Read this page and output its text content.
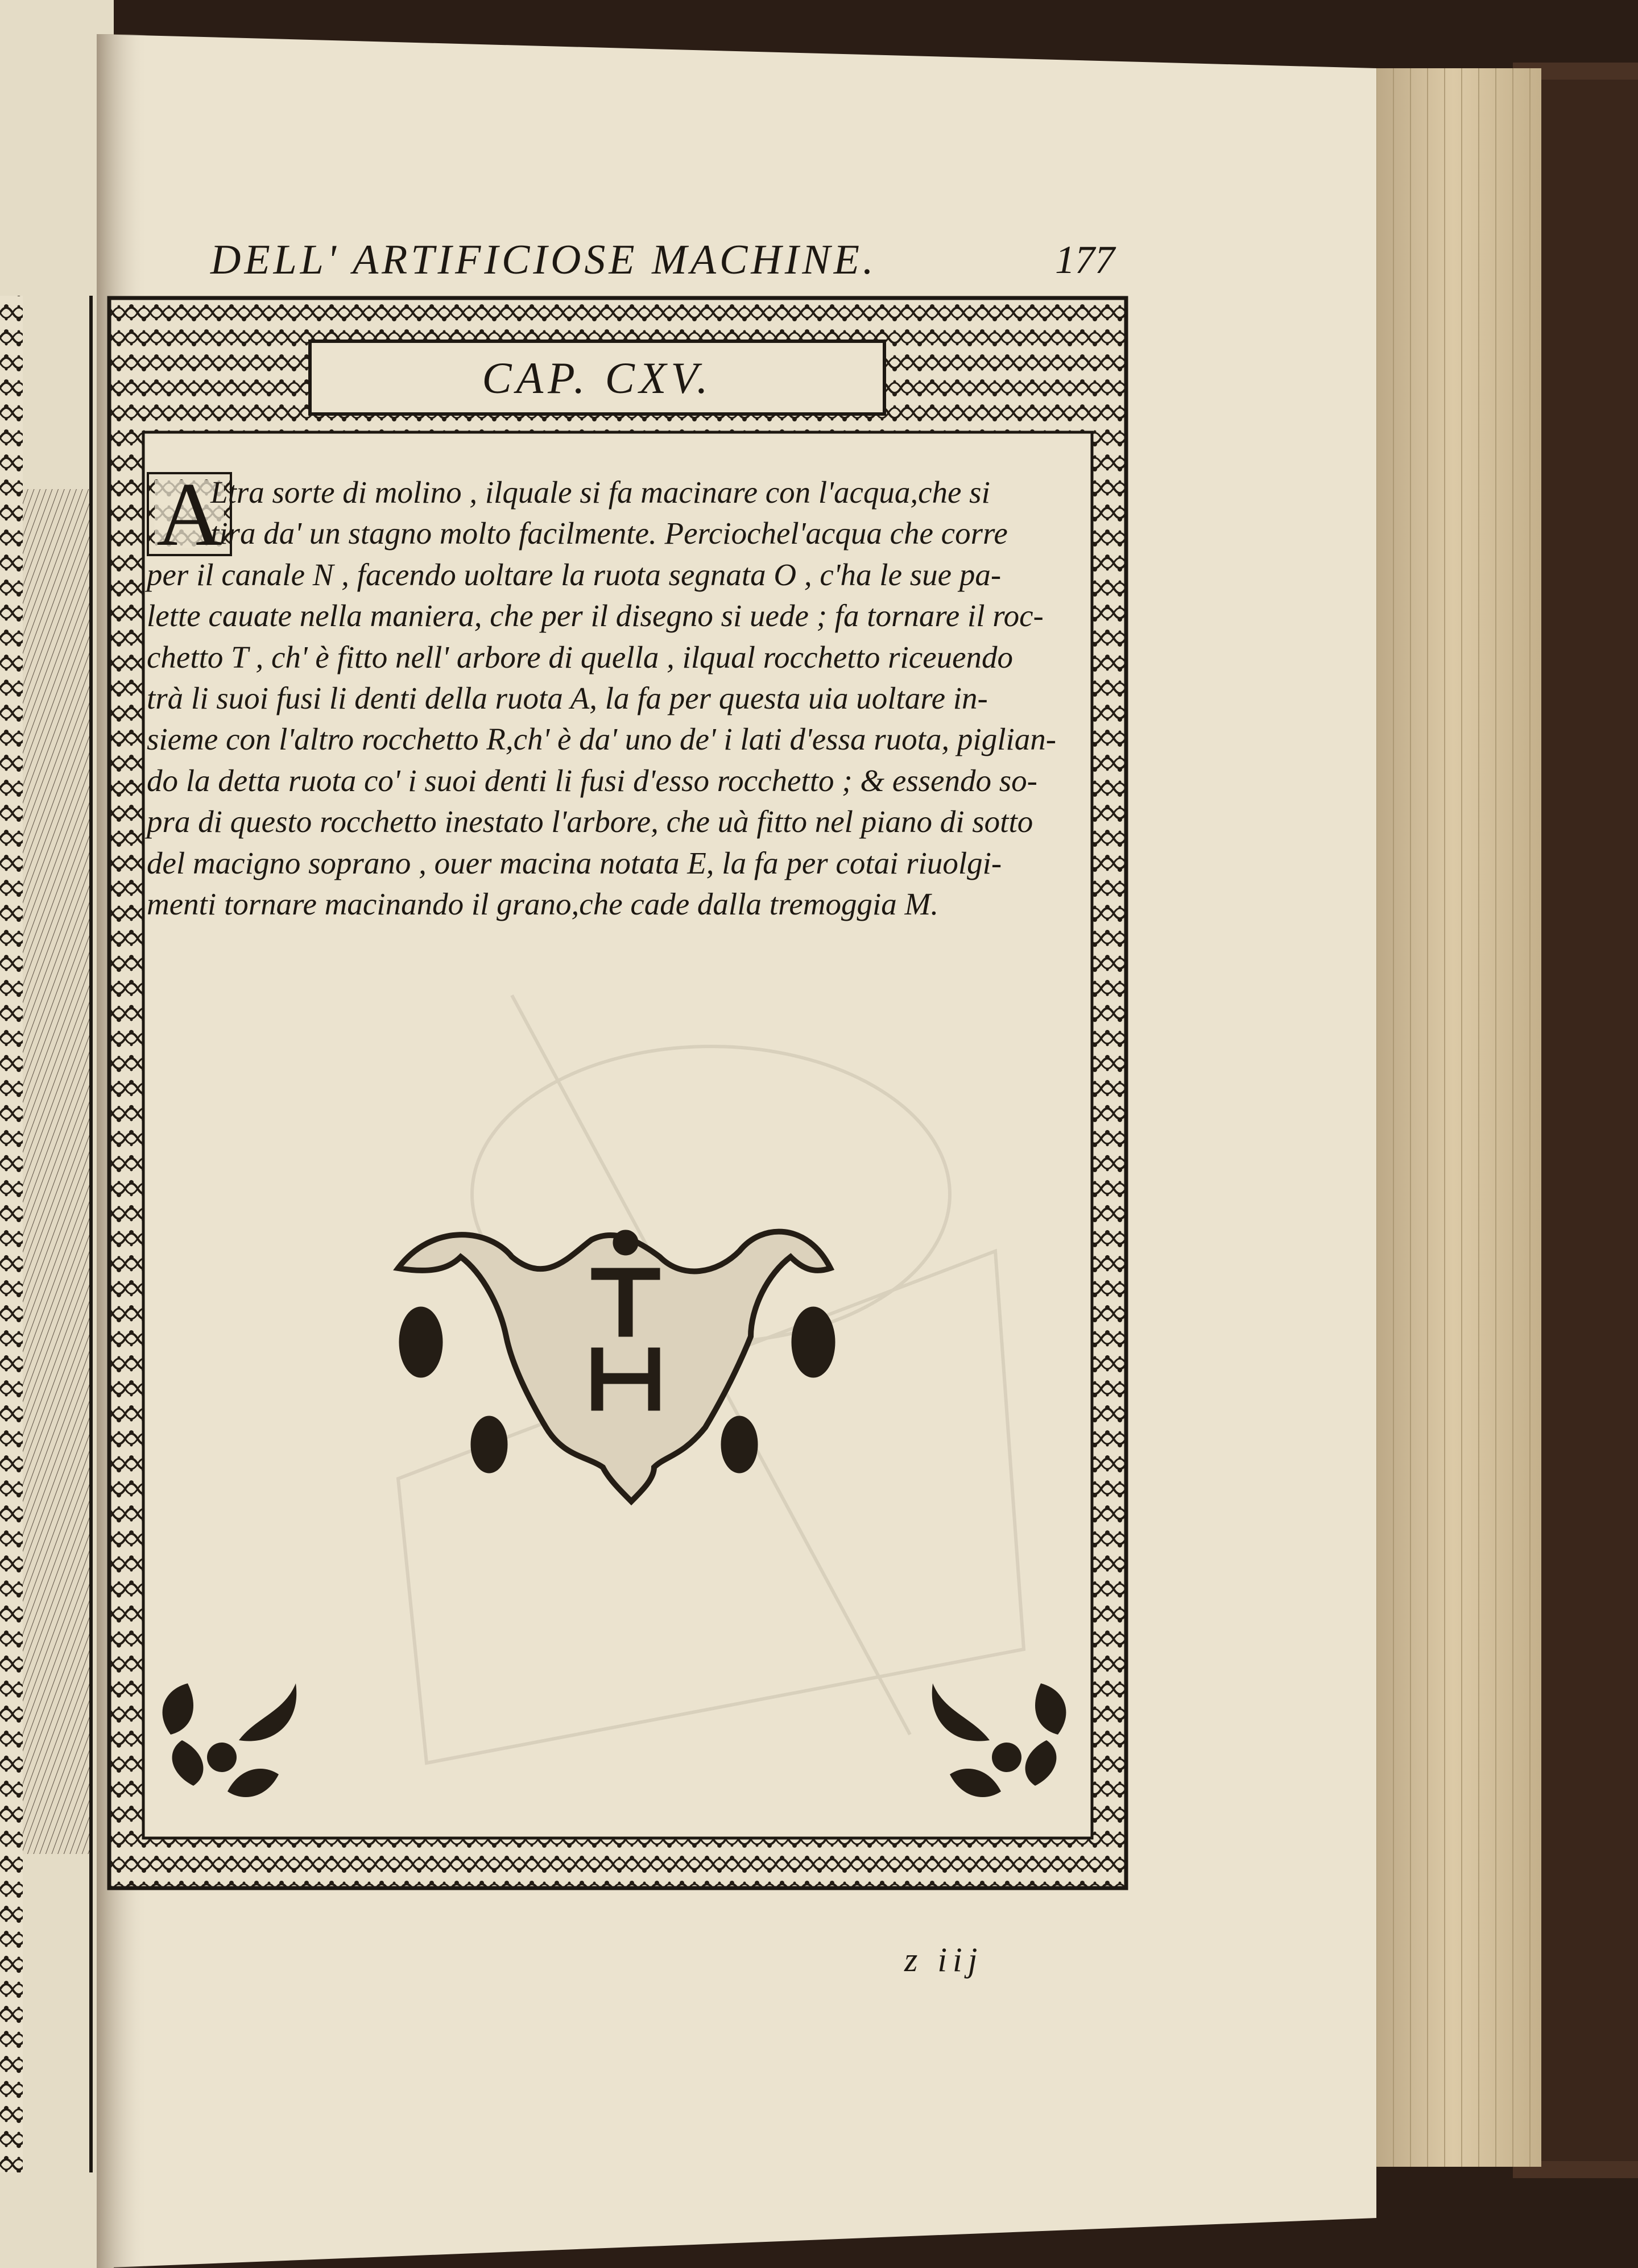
DELL' ARTIFICIOSE MACHINE.	177
CAP. CXV.
A
Ltra sorte di molino , ilquale si fa macinare con l'acqua,che si
tira da' un stagno molto facilmente. Perciochel'acqua che corre
per il canale N , facendo uoltare la ruota segnata O , c'ha le sue pa-
lette cauate nella maniera, che per il disegno si uede ; fa tornare il roc-
chetto T , ch' è fitto nell' arbore di quella , ilqual rocchetto riceuendo
trà li suoi fusi li denti della ruota A, la fa per questa uia uoltare in-
sieme con l'altro rocchetto R,ch' è da' uno de' i lati d'essa ruota, piglian-
do la detta ruota co' i suoi denti li fusi d'esso rocchetto ; & essendo so-
pra di questo rocchetto inestato l'arbore, che uà fitto nel piano di sotto
del macigno soprano , ouer macina notata E, la fa per cotai riuolgi-
menti tornare macinando il grano,che cade dalla tremoggia M.
z iij
